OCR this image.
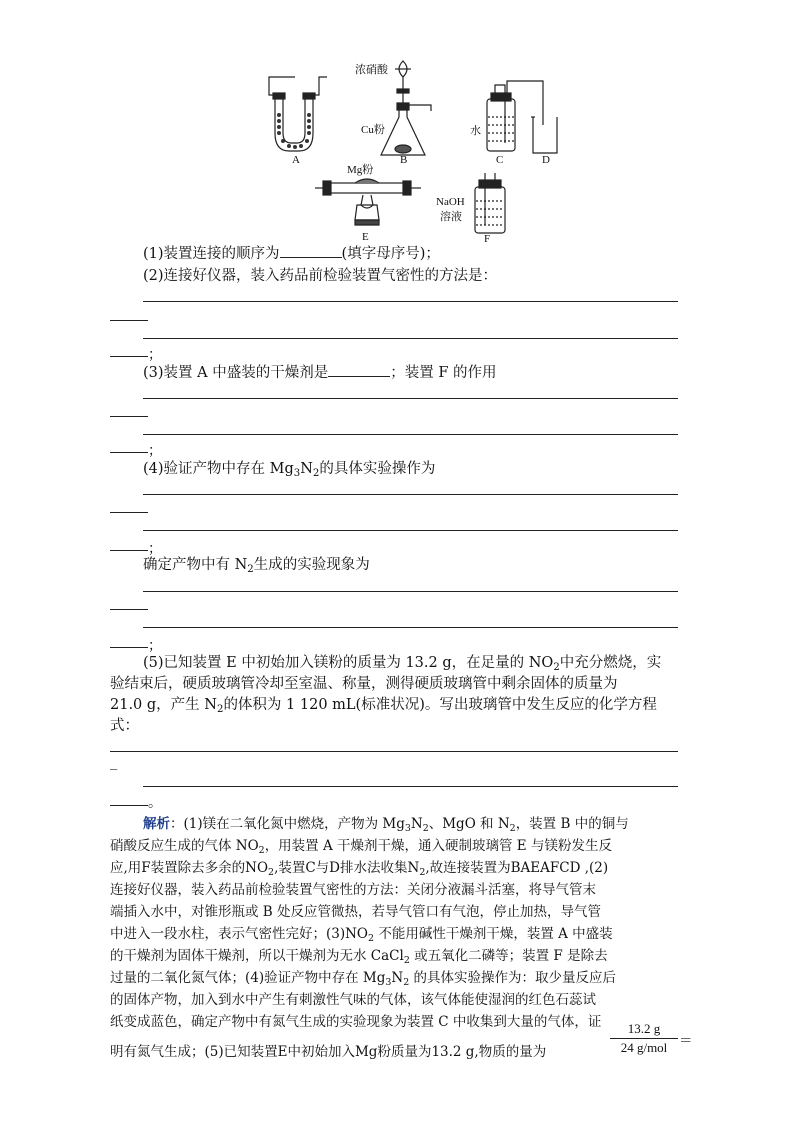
A	B	C	D
E	F
浓硝酸
Cu粉	水
Mg粉
NaOH
溶液
(1)装置连接的顺序为	(填字母序号)；
(2)连接好仪器，装入药品前检验装置气密性的方法是：
；
(3)装置 A 中盛装的干燥剂是	；装置 F 的作用
；
(4)验证产物中存在 $Mg_3N_2$的具体实验操作为
；
确定产物中有 $N_2$生成的实验现象为
；
(5)已知装置 E 中初始加入镁粉的质量为 13.2 g，在足量的 $NO_2$中充分燃烧，实
验结束后，硬质玻璃管冷却至室温、称量，测得硬质玻璃管中剩余固体的质量为
21.0 g，产生 $N_2$的体积为 1 120 mL(标准状况)。写出玻璃管中发生反应的化学方程
式：
_
。
解析：(1)镁在二氧化氮中燃烧，产物为 $Mg_3N_2$、MgO 和 $N_2$，装置 B 中的铜与
硝酸反应生成的气体 $NO_2$，用装置 A 干燥剂干燥，通入硬制玻璃管 E 与镁粉发生反
应,用F装置除去多余的$NO_2$,装置C与D排水法收集$N_2$,故连接装置为BAEAFCD ,(2)
连接好仪器，装入药品前检验装置气密性的方法：关闭分液漏斗活塞，将导气管末
端插入水中，对锥形瓶或 B 处反应管微热，若导气管口有气泡，停止加热，导气管
中进入一段水柱，表示气密性完好；$(3)NO_2$ 不能用碱性干燥剂干燥，装置 A 中盛装
的干燥剂为固体干燥剂，所以干燥剂为无水 CaCl$_2$ 或五氧化二磷等；装置 F 是除去
过量的二氧化氮气体；(4)验证产物中存在 $Mg_3N_2$ 的具体实验操作为：取少量反应后
的固体产物，加入到水中产生有刺激性气味的气体，该气体能使湿润的红色石蕊试
纸变成蓝色，确定产物中有氮气生成的实验现象为装置 C 中收集到大量的气体，证
明有氮气生成；(5)已知装置E中初始加入Mg粉质量为13.2 g,物质的量为
13.2 g
24 g/mol ＝
